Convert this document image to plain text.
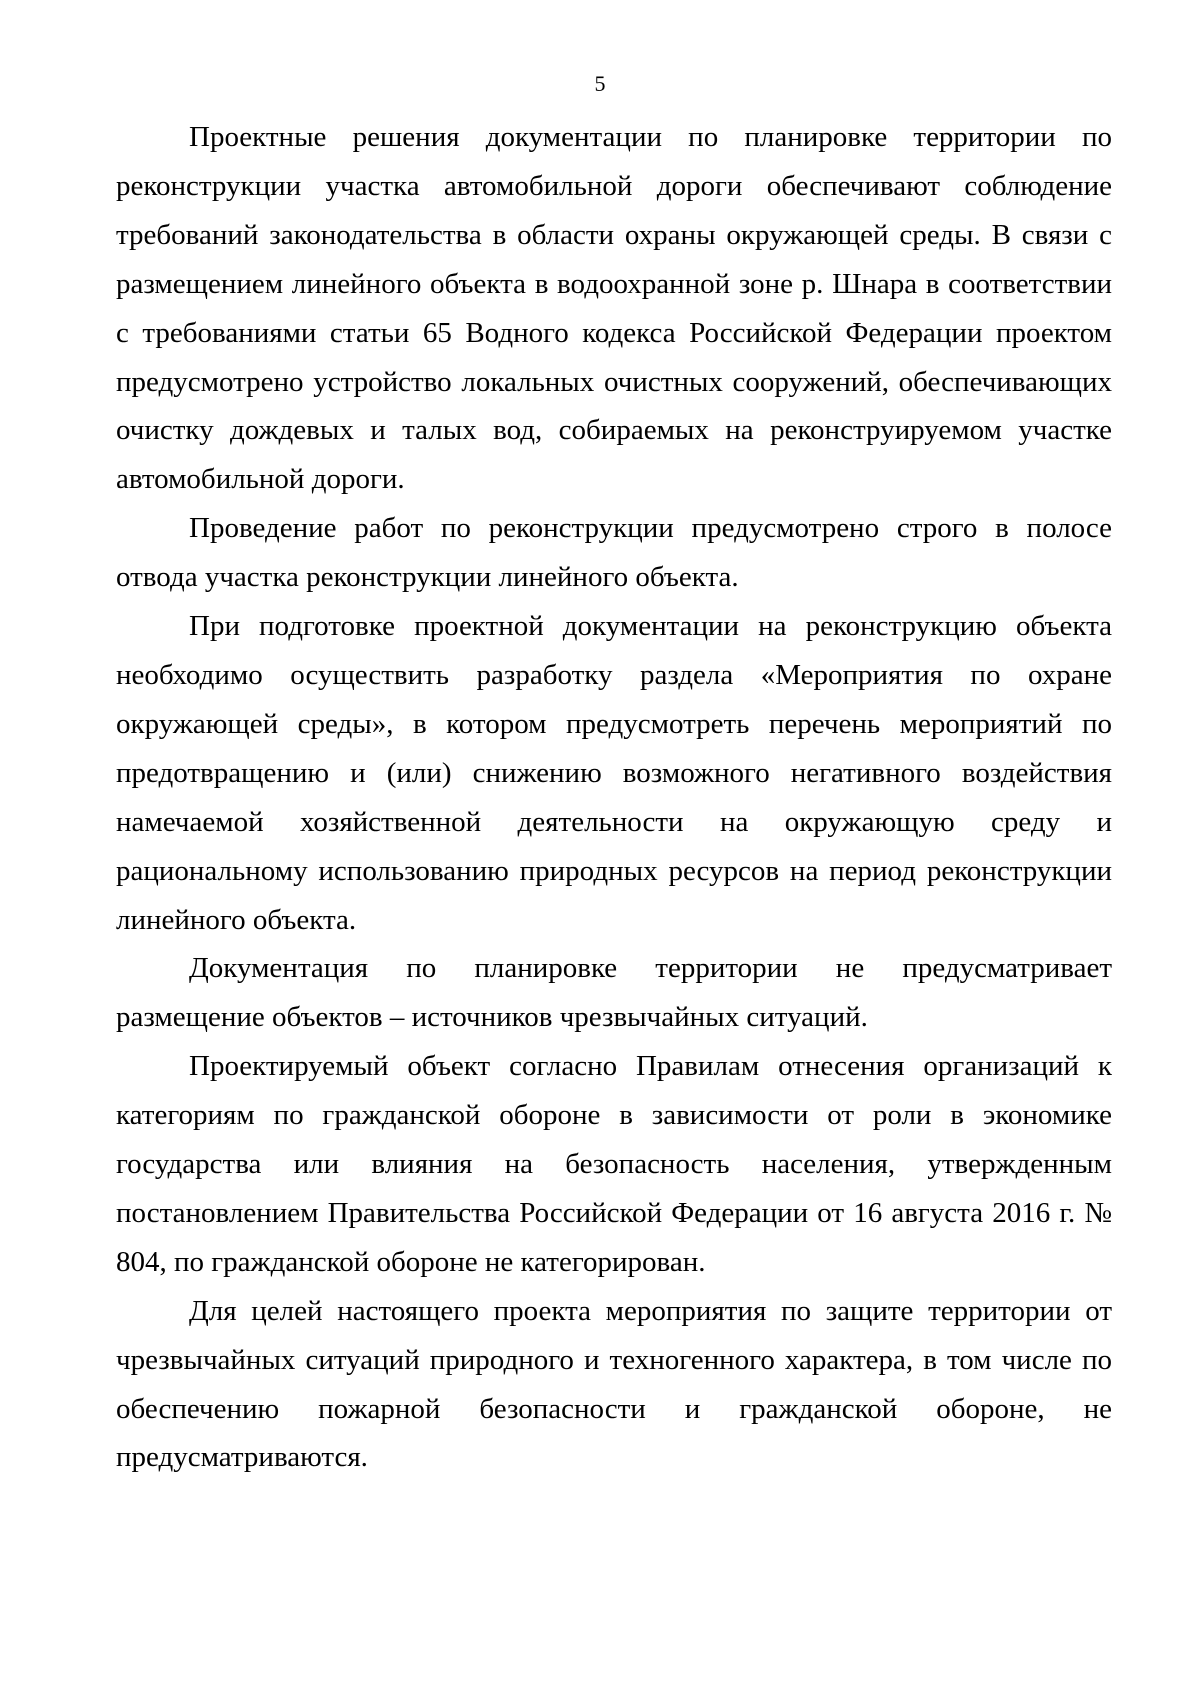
5

Проектные решения документации по планировке территории по реконструкции участка автомобильной дороги обеспечивают соблюдение требований законодательства в области охраны окружающей среды. В связи с размещением линейного объекта в водоохранной зоне р. Шнара в соответствии с требованиями статьи 65 Водного кодекса Российской Федерации проектом предусмотрено устройство локальных очистных сооружений, обеспечивающих очистку дождевых и талых вод, собираемых на реконструируемом участке автомобильной дороги.

Проведение работ по реконструкции предусмотрено строго в полосе отвода участка реконструкции линейного объекта.

При подготовке проектной документации на реконструкцию объекта необходимо осуществить разработку раздела «Мероприятия по охране окружающей среды», в котором предусмотреть перечень мероприятий по предотвращению и (или) снижению возможного негативного воздействия намечаемой хозяйственной деятельности на окружающую среду и рациональному использованию природных ресурсов на период реконструкции линейного объекта.

Документация по планировке территории не предусматривает размещение объектов – источников чрезвычайных ситуаций.

Проектируемый объект согласно Правилам отнесения организаций к категориям по гражданской обороне в зависимости от роли в экономике государства или влияния на безопасность населения, утвержденным постановлением Правительства Российской Федерации от 16 августа 2016 г. № 804, по гражданской обороне не категорирован.

Для целей настоящего проекта мероприятия по защите территории от чрезвычайных ситуаций природного и техногенного характера, в том числе по обеспечению пожарной безопасности и гражданской обороне, не предусматриваются.
